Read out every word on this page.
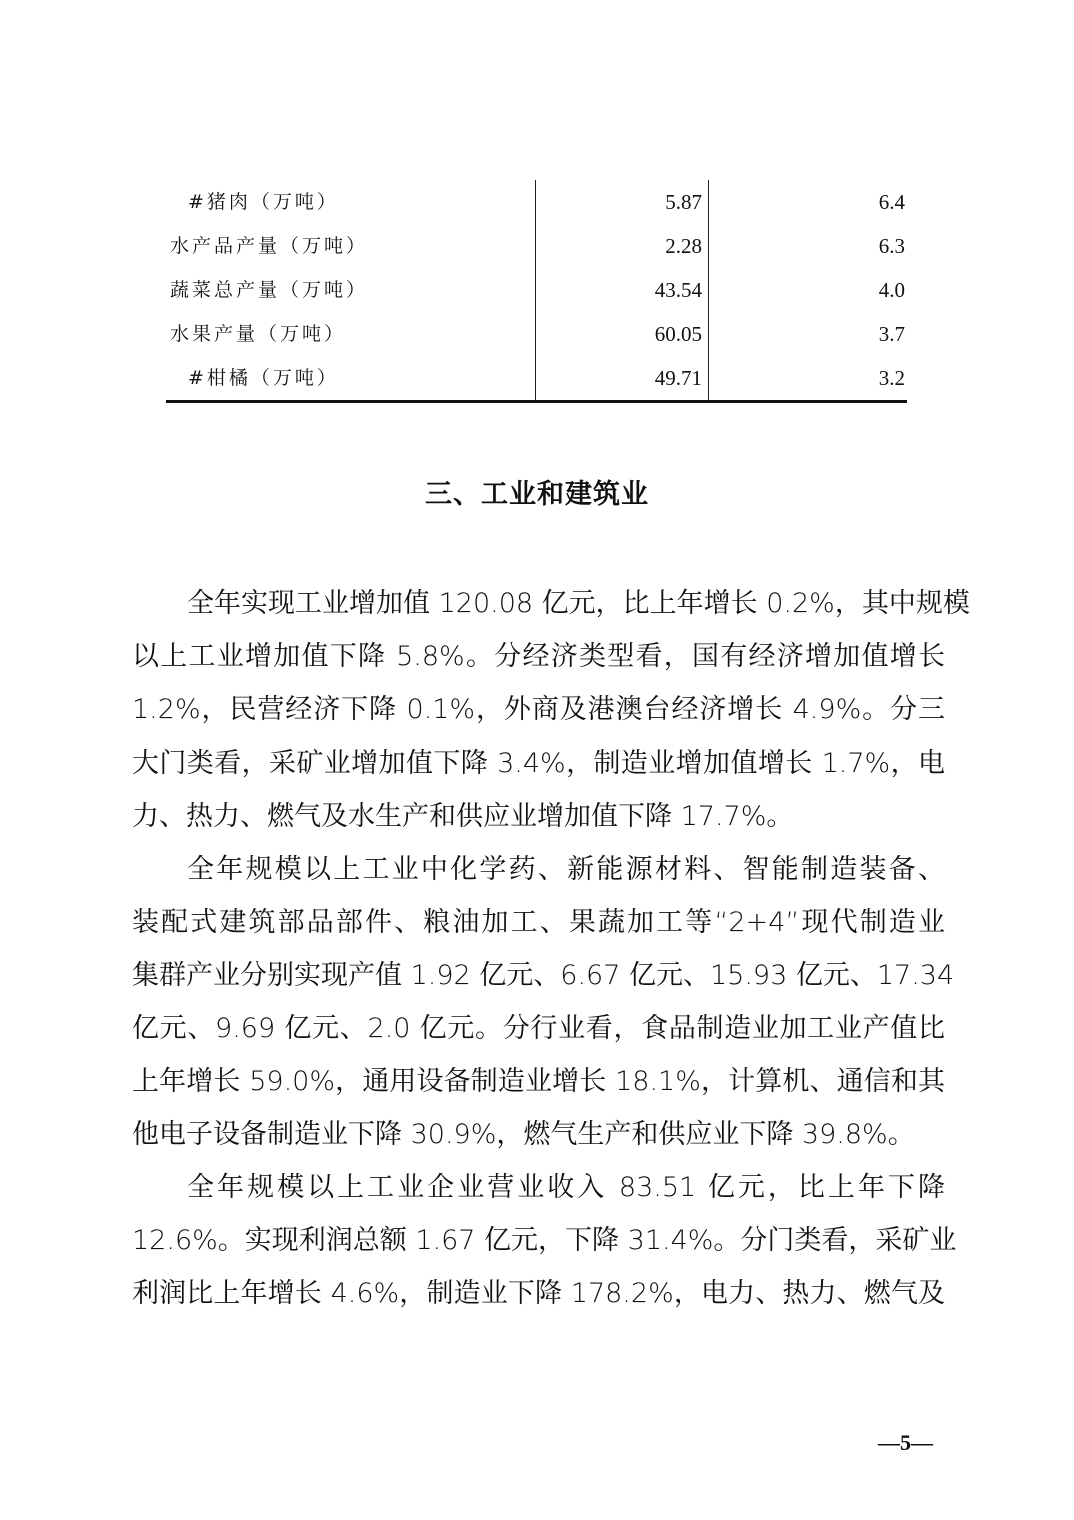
#猪肉（万吨）	5.87	6.4
水产品产量（万吨）	2.28	6.3
蔬菜总产量（万吨）	43.54	4.0
水果产量（万吨）	60.05	3.7
#柑橘（万吨）	49.71	3.2
三、工业和建筑业
全年实现工业增加值 120.08 亿元，比上年增长 0.2%，其中规模
以上工业增加值下降 5.8%。分经济类型看，国有经济增加值增长
1.2%，民营经济下降 0.1%，外商及港澳台经济增长 4.9%。分三
大门类看，采矿业增加值下降 3.4%，制造业增加值增长 1.7%，电
力、热力、燃气及水生产和供应业增加值下降 17.7%。
全年规模以上工业中化学药、新能源材料、智能制造装备、
装配式建筑部品部件、粮油加工、果蔬加工等“2+4”现代制造业
集群产业分别实现产值 1.92 亿元、6.67 亿元、15.93 亿元、17.34
亿元、9.69 亿元、2.0 亿元。分行业看，食品制造业加工业产值比
上年增长 59.0%，通用设备制造业增长 18.1%，计算机、通信和其
他电子设备制造业下降 30.9%，燃气生产和供应业下降 39.8%。
全年规模以上工业企业营业收入 83.51 亿元，比上年下降
12.6%。实现利润总额 1.67 亿元，下降 31.4%。分门类看，采矿业
利润比上年增长 4.6%，制造业下降 178.2%，电力、热力、燃气及
—5—
